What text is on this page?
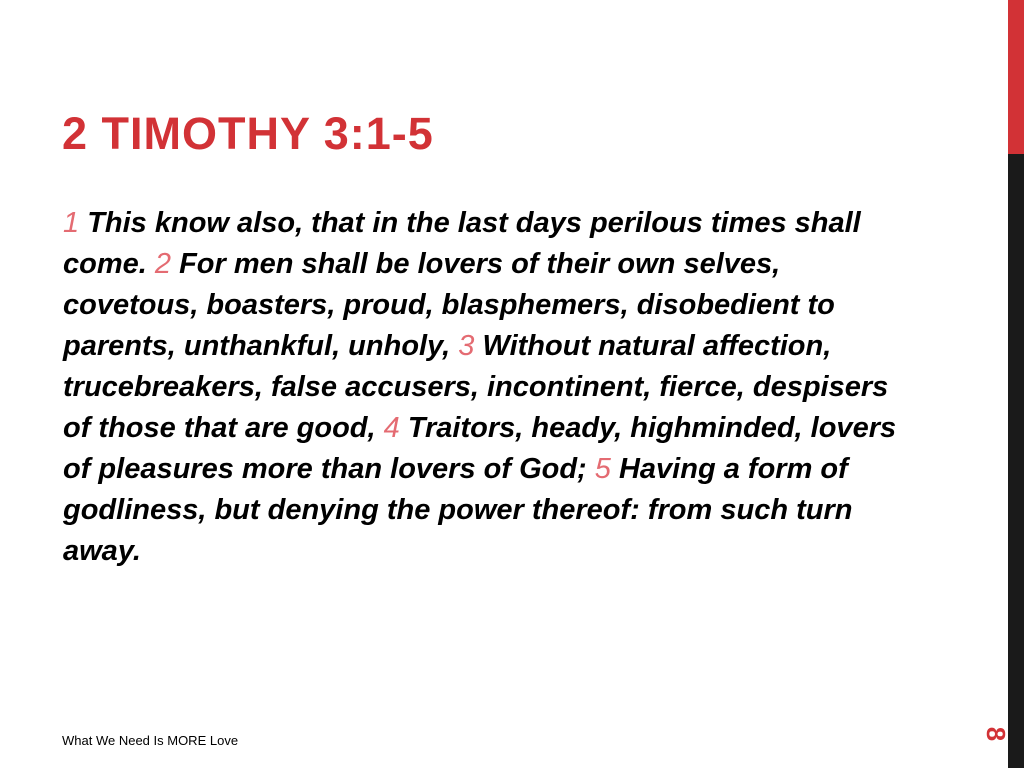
2 TIMOTHY 3:1-5

1 This know also, that in the last days perilous times shall come. 2 For men shall be lovers of their own selves, covetous, boasters, proud, blasphemers, disobedient to parents, unthankful, unholy, 3 Without natural affection, trucebreakers, false accusers, incontinent, fierce, despisers of those that are good, 4 Traitors, heady, highminded, lovers of pleasures more than lovers of God; 5 Having a form of godliness, but denying the power thereof: from such turn away.

What We Need Is MORE Love	8
